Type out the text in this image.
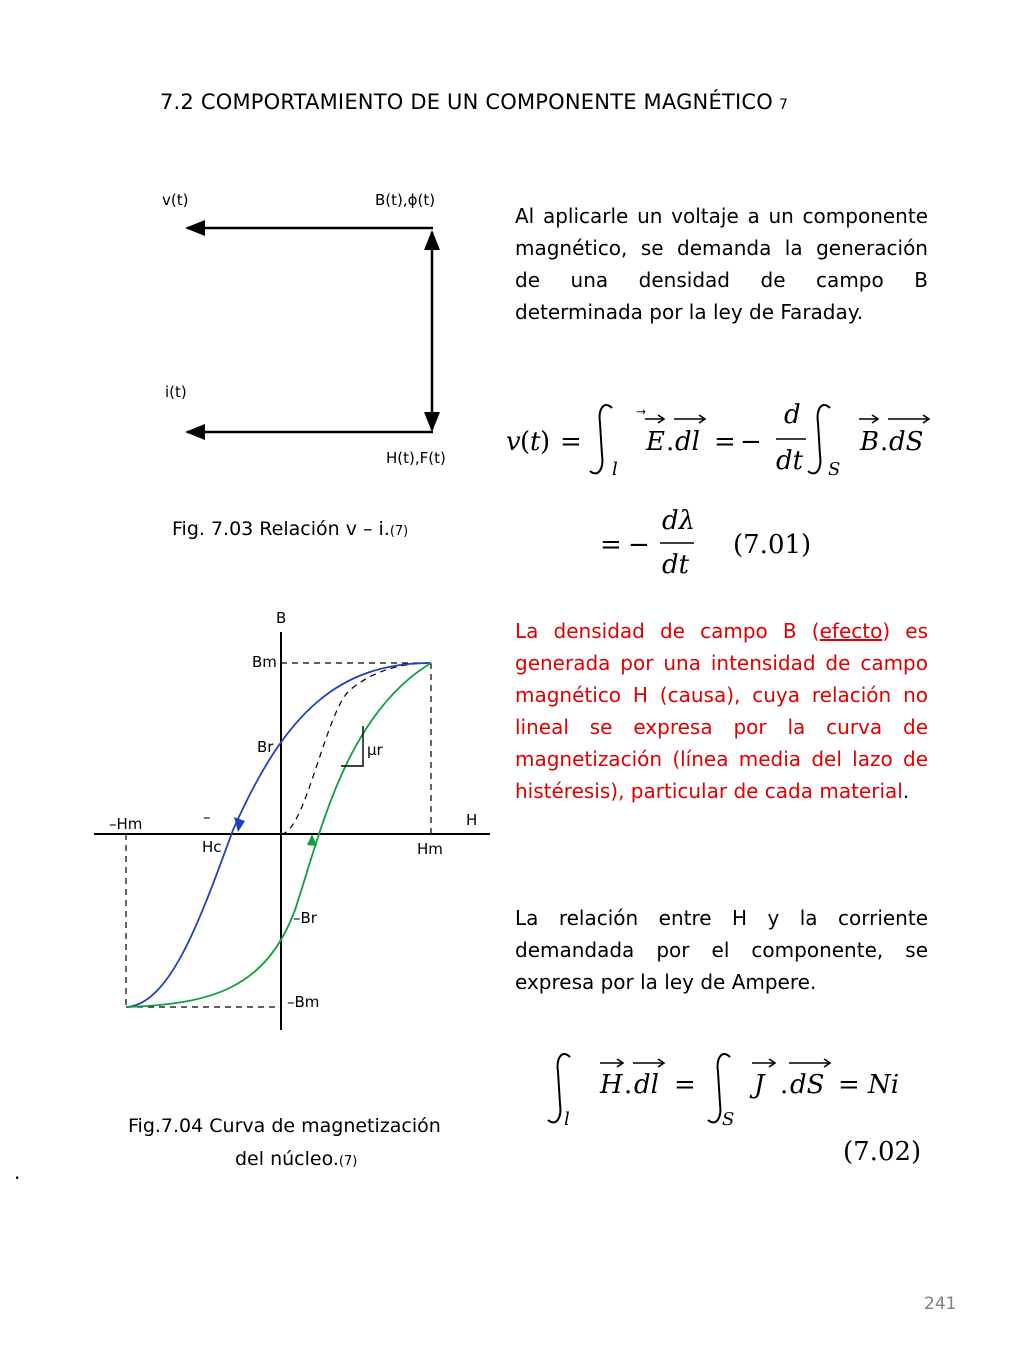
7.2 COMPORTAMIENTO DE UN COMPONENTE MAGNÉTICO 7
v(t)	B(t),ϕ(t)
i(t)
H(t),F(t)
Fig. 7.03 Relación v – i.(7)
Al aplicarle un voltaje a un componente magnético, se demanda la generación de una densidad de campo B determinada por la ley de Faraday.
v ( t ) =
l
E . dl = −
d
dt S
B . dS
= −
dλ
dt
(7.01)
B
H
Bm
Br	μr
–Hm	–
Hc	Hm
–Br
–Bm
Fig.7.04 Curva de magnetización
del núcleo.(7)
La densidad de campo B (efecto) es generada por una intensidad de campo magnético H (causa), cuya relación no lineal se expresa por la curva de magnetización (línea media del lazo de histéresis), particular de cada material.
La relación entre H y la corriente demandada por el componente, se expresa por la ley de Ampere.
l
H . dl =
S
J . dS = Ni
(7.02)
.
241
